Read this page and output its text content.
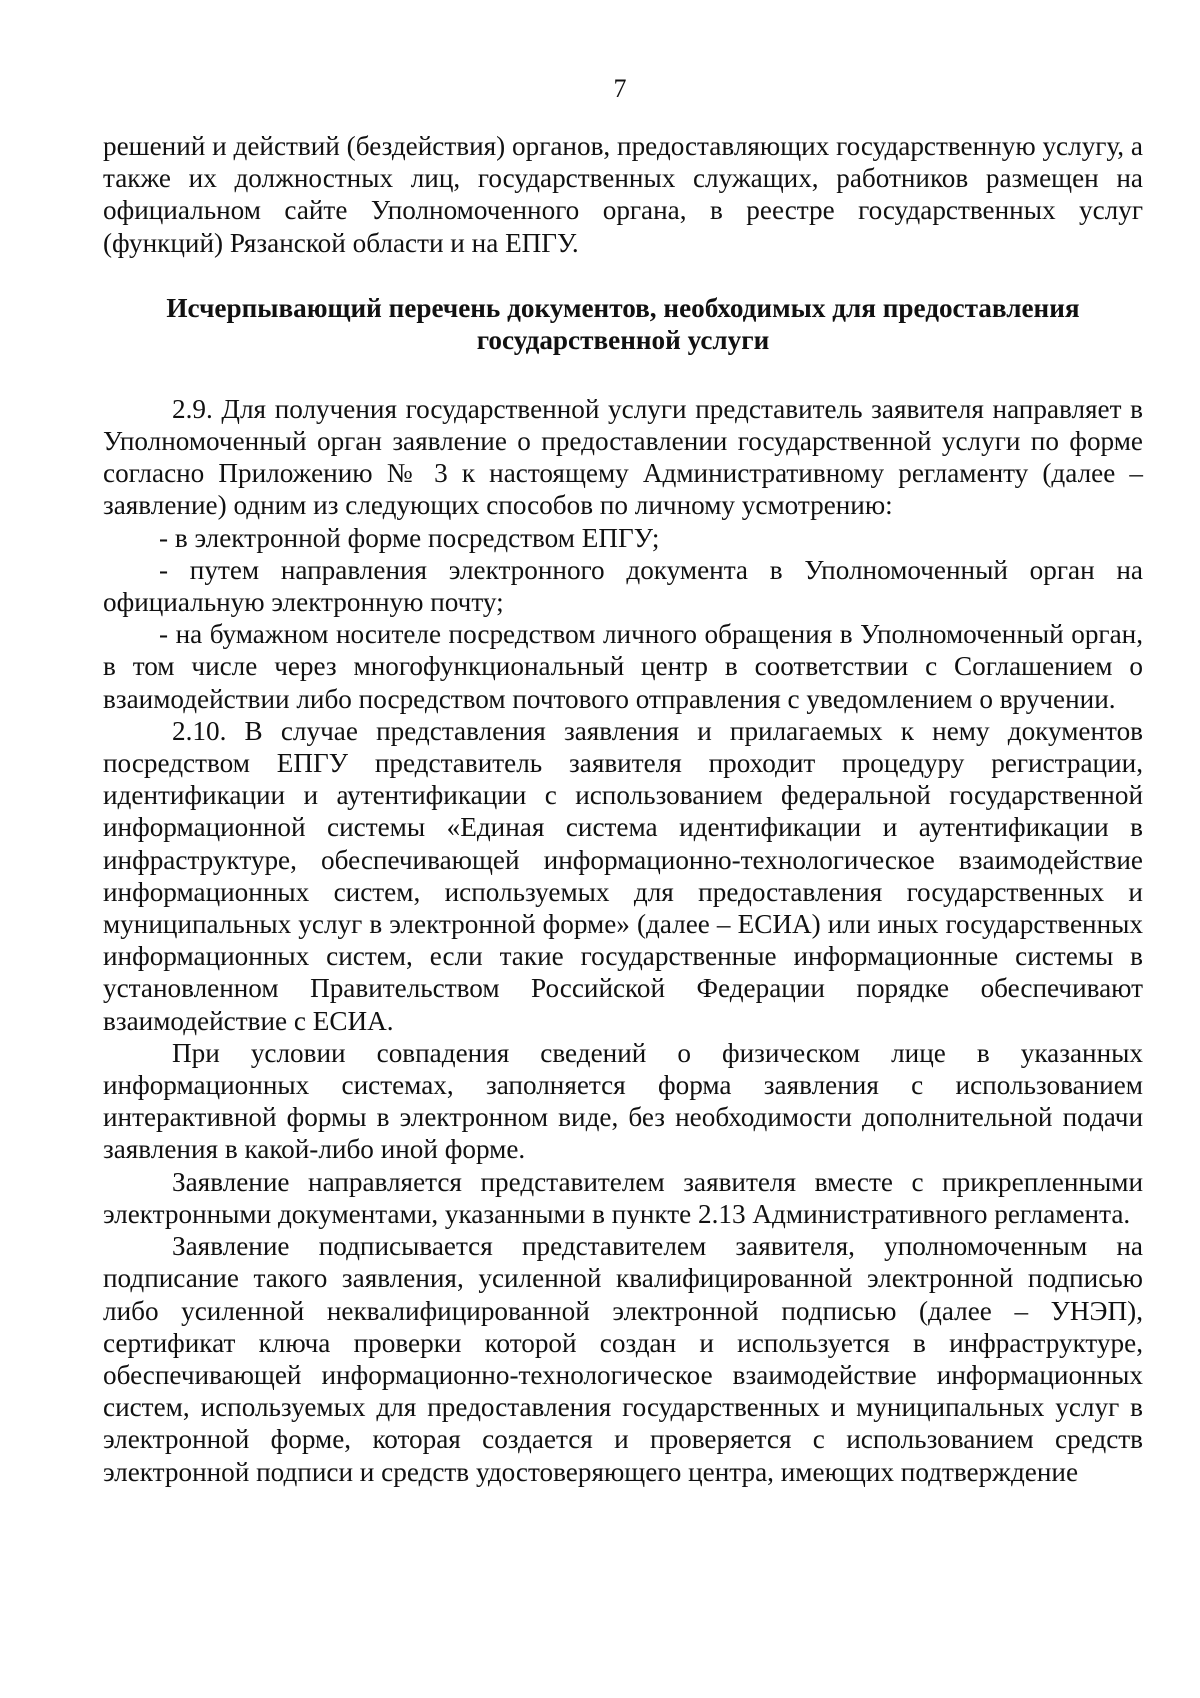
7

решений и действий (бездействия) органов, предоставляющих государственную услугу, а также их должностных лиц, государственных служащих, работников размещен на официальном сайте Уполномоченного органа, в реестре государственных услуг (функций) Рязанской области и на ЕПГУ.

Исчерпывающий перечень документов, необходимых для предоставления государственной услуги

2.9. Для получения государственной услуги представитель заявителя направляет в Уполномоченный орган заявление о предоставлении государственной услуги по форме согласно Приложению № 3 к настоящему Административному регламенту (далее – заявление) одним из следующих способов по личному усмотрению:

- в электронной форме посредством ЕПГУ;

- путем направления электронного документа в Уполномоченный орган на официальную электронную почту;

- на бумажном носителе посредством личного обращения в Уполномоченный орган, в том числе через многофункциональный центр в соответствии с Соглашением о взаимодействии либо посредством почтового отправления с уведомлением о вручении.

2.10. В случае представления заявления и прилагаемых к нему документов посредством ЕПГУ представитель заявителя проходит процедуру регистрации, идентификации и аутентификации с использованием федеральной государственной информационной системы «Единая система идентификации и аутентификации в инфраструктуре, обеспечивающей информационно-технологическое взаимодействие информационных систем, используемых для предоставления государственных и муниципальных услуг в электронной форме» (далее – ЕСИА) или иных государственных информационных систем, если такие государственные информационные системы в установленном Правительством Российской Федерации порядке обеспечивают взаимодействие с ЕСИА.

При условии совпадения сведений о физическом лице в указанных информационных системах, заполняется форма заявления с использованием интерактивной формы в электронном виде, без необходимости дополнительной подачи заявления в какой-либо иной форме.

Заявление направляется представителем заявителя вместе с прикрепленными электронными документами, указанными в пункте 2.13 Административного регламента.

Заявление подписывается представителем заявителя, уполномоченным на подписание такого заявления, усиленной квалифицированной электронной подписью либо усиленной неквалифицированной электронной подписью (далее – УНЭП), сертификат ключа проверки которой создан и используется в инфраструктуре, обеспечивающей информационно-технологическое взаимодействие информационных систем, используемых для предоставления государственных и муниципальных услуг в электронной форме, которая создается и проверяется с использованием средств электронной подписи и средств удостоверяющего центра, имеющих подтверждение
